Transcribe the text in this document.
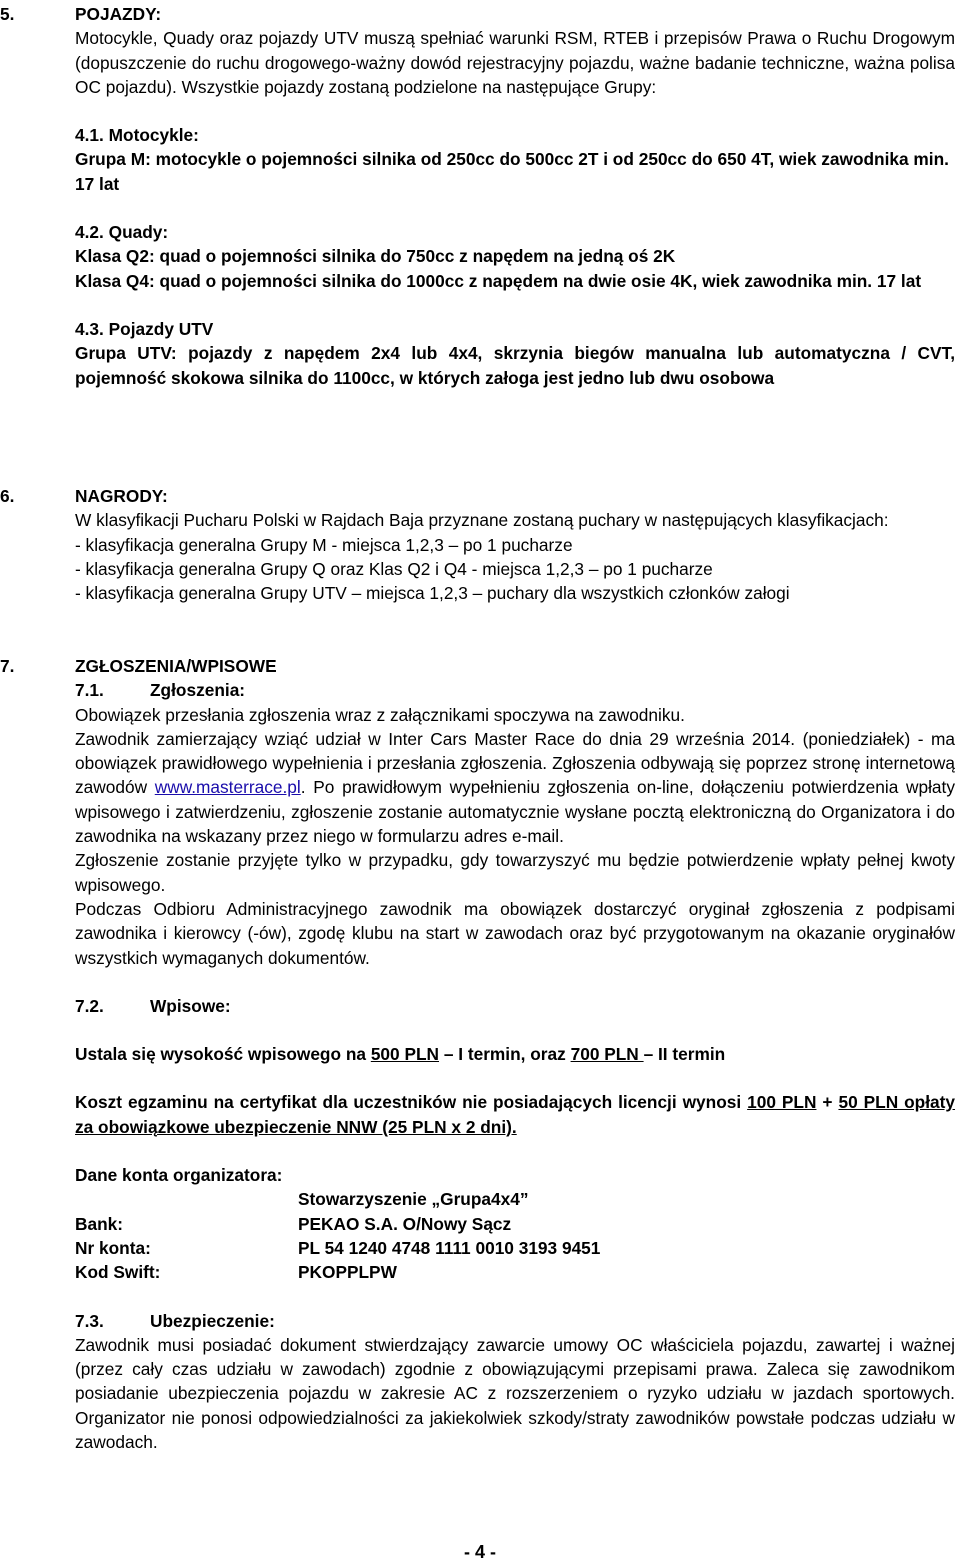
5.	POJAZDY:

Motocykle, Quady oraz pojazdy UTV muszą spełniać warunki RSM, RTEB i przepisów Prawa o Ruchu Drogowym (dopuszczenie do ruchu drogowego-ważny dowód rejestracyjny pojazdu, ważne badanie techniczne, ważna polisa OC pojazdu). Wszystkie pojazdy zostaną podzielone na następujące Grupy:

4.1. Motocykle:

Grupa M: motocykle o pojemności silnika od 250cc do 500cc 2T i od 250cc do 650 4T, wiek zawodnika min. 17 lat

4.2. Quady:

Klasa Q2: quad o pojemności silnika do 750cc z napędem na jedną oś 2K

Klasa Q4: quad o pojemności silnika do 1000cc z napędem na dwie osie 4K, wiek zawodnika min. 17 lat

4.3. Pojazdy UTV

Grupa UTV: pojazdy z napędem 2x4 lub 4x4, skrzynia biegów manualna lub automatyczna / CVT, pojemność skokowa silnika do 1100cc, w których załoga jest jedno lub dwu osobowa

6.	NAGRODY:

W klasyfikacji Pucharu Polski w Rajdach Baja przyznane zostaną puchary w następujących klasyfikacjach:

- klasyfikacja generalna Grupy M - miejsca 1,2,3 – po 1 pucharze

- klasyfikacja generalna Grupy Q oraz Klas Q2 i Q4 - miejsca 1,2,3 – po 1 pucharze

- klasyfikacja generalna Grupy UTV – miejsca 1,2,3 – puchary dla wszystkich członków załogi

7.	ZGŁOSZENIA/WPISOWE

7.1.	Zgłoszenia:

Obowiązek przesłania zgłoszenia wraz z załącznikami spoczywa na zawodniku.

Zawodnik zamierzający wziąć udział w Inter Cars Master Race do dnia 29 września 2014. (poniedziałek) - ma obowiązek prawidłowego wypełnienia i przesłania zgłoszenia. Zgłoszenia odbywają się poprzez stronę internetową zawodów www.masterrace.pl. Po prawidłowym wypełnieniu zgłoszenia on-line, dołączeniu potwierdzenia wpłaty wpisowego i zatwierdzeniu, zgłoszenie zostanie automatycznie wysłane pocztą elektroniczną do Organizatora i do zawodnika na wskazany przez niego w formularzu adres e-mail.

Zgłoszenie zostanie przyjęte tylko w przypadku, gdy towarzyszyć mu będzie potwierdzenie wpłaty pełnej kwoty wpisowego.

Podczas Odbioru Administracyjnego zawodnik ma obowiązek dostarczyć oryginał zgłoszenia z podpisami zawodnika i kierowcy (-ów), zgodę klubu na start w zawodach oraz być przygotowanym na okazanie oryginałów wszystkich wymaganych dokumentów.

7.2.	Wpisowe:

Ustala się wysokość wpisowego na 500 PLN – I termin, oraz 700 PLN – II termin

Koszt egzaminu na certyfikat dla uczestników nie posiadających licencji wynosi 100 PLN + 50 PLN opłaty za obowiązkowe ubezpieczenie NNW (25 PLN x 2 dni).

Dane konta organizatora:

Stowarzyszenie „Grupa4x4”
Bank:	PEKAO S.A. O/Nowy Sącz
Nr konta:	PL 54 1240 4748 1111 0010 3193 9451
Kod Swift:	PKOPPLPW

7.3.	Ubezpieczenie:

Zawodnik musi posiadać dokument stwierdzający zawarcie umowy OC właściciela pojazdu, zawartej i ważnej (przez cały czas udziału w zawodach) zgodnie z obowiązującymi przepisami prawa. Zaleca się zawodnikom posiadanie ubezpieczenia pojazdu w zakresie AC z rozszerzeniem o ryzyko udziału w jazdach sportowych. Organizator nie ponosi odpowiedzialności za jakiekolwiek szkody/straty zawodników powstałe podczas udziału w zawodach.

- 4 -
